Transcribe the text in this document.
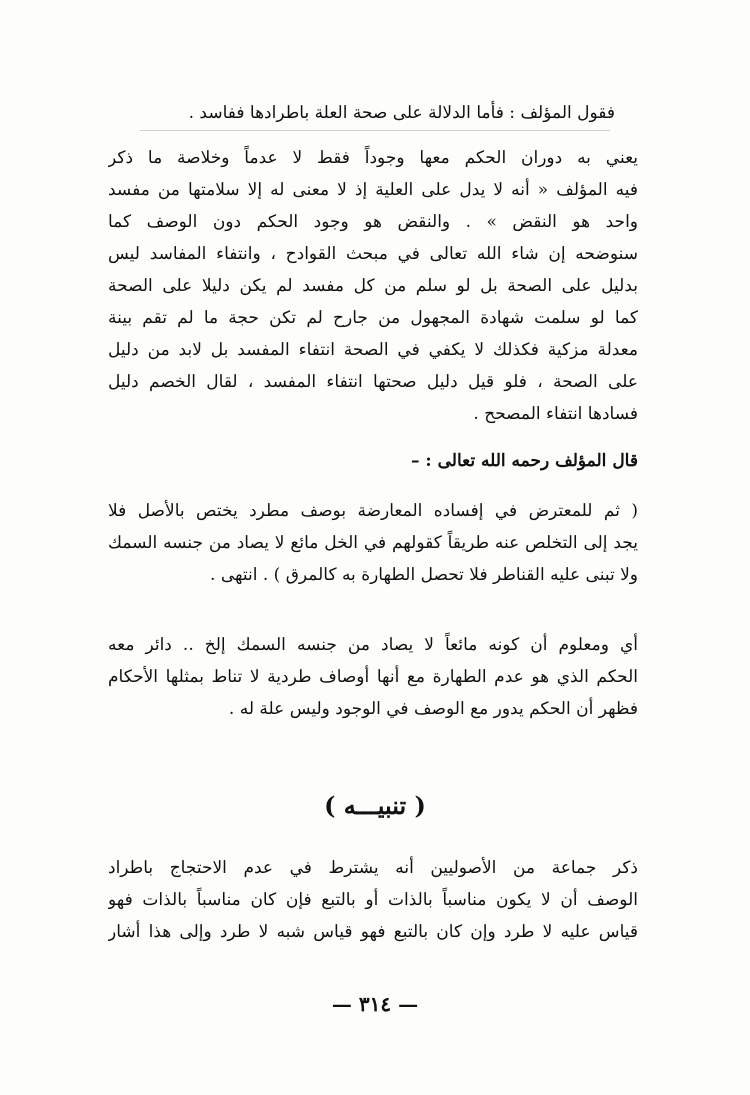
فقول المؤلف : فأما الدلالة على صحة العلة باطرادها ففاسد .
يعني به دوران الحكم معها وجوداً فقط لا عدماً وخلاصة ما ذكر
فيه المؤلف « أنه لا يدل على العلية إذ لا معنى له إلا سلامتها من مفسد
واحد هو النقض » . والنقض هو وجود الحكم دون الوصف كما
سنوضحه إن شاء الله تعالى في مبحث القوادح ، وانتفاء المفاسد ليس
بدليل على الصحة بل لو سلم من كل مفسد لم يكن دليلا على الصحة
كما لو سلمت شهادة المجهول من جارح لم تكن حجة ما لم تقم بينة
معدلة مزكية فكذلك لا يكفي في الصحة انتفاء المفسد بل لابد من دليل
على الصحة ، فلو قيل دليل صحتها انتفاء المفسد ، لقال الخصم دليل
فسادها انتفاء المصحح .
قال المؤلف رحمه الله تعالى : –
( ثم للمعترض في إفساده المعارضة بوصف مطرد يختص بالأصل فلا
يجد إلى التخلص عنه طريقاً كقولهم في الخل مائع لا يصاد من جنسه السمك
ولا تبنى عليه القناطر فلا تحصل الطهارة به كالمرق ) . انتهى .
أي ومعلوم أن كونه مائعاً لا يصاد من جنسه السمك إلخ .. دائر معه
الحكم الذي هو عدم الطهارة مع أنها أوصاف طردية لا تناط بمثلها الأحكام
فظهر أن الحكم يدور مع الوصف في الوجود وليس علة له .
( تنبيـــه )
ذكر جماعة من الأصوليين أنه يشترط في عدم الاحتجاج باطراد
الوصف أن لا يكون مناسباً بالذات أو بالتبع فإن كان مناسباً بالذات فهو
قياس عليه لا طرد وإن كان بالتبع فهو قياس شبه لا طرد وإلى هذا أشار
— ٣١٤ —
